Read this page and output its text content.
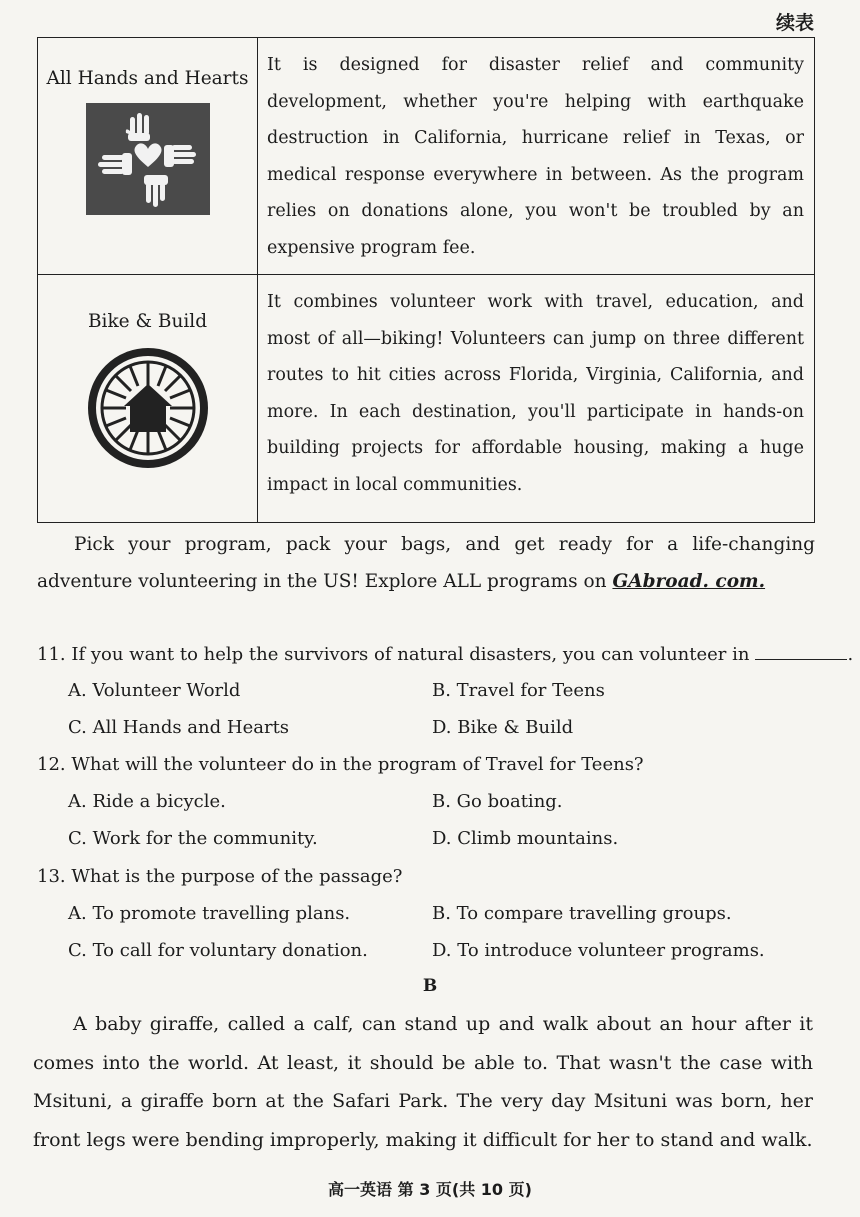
续表
All Hands and Hearts	It is designed for disaster relief and community development, whether you're helping with earthquake destruction in California, hurricane relief in Texas, or medical response everywhere in between. As the program relies on donations alone, you won't be troubled by an expensive program fee.

Bike & Build	It combines volunteer work with travel, education, and most of all—biking! Volunteers can jump on three different routes to hit cities across Florida, Virginia, California, and more. In each destination, you'll participate in hands-on building projects for affordable housing, making a huge impact in local communities.
Pick your program, pack your bags, and get ready for a life-changing adventure volunteering in the US! Explore ALL programs on GAbroad. com.
11. If you want to help the survivors of natural disasters, you can volunteer in	.
A. Volunteer World	B. Travel for Teens
C. All Hands and Hearts	D. Bike & Build
12. What will the volunteer do in the program of Travel for Teens?
A. Ride a bicycle.	B. Go boating.
C. Work for the community.	D. Climb mountains.
13. What is the purpose of the passage?
A. To promote travelling plans.	B. To compare travelling groups.
C. To call for voluntary donation.	D. To introduce volunteer programs.
B
A baby giraffe, called a calf, can stand up and walk about an hour after it comes into the world. At least, it should be able to. That wasn't the case with Msituni, a giraffe born at the Safari Park. The very day Msituni was born, her front legs were bending improperly, making it difficult for her to stand and walk.
高一英语 第 3 页(共 10 页)
